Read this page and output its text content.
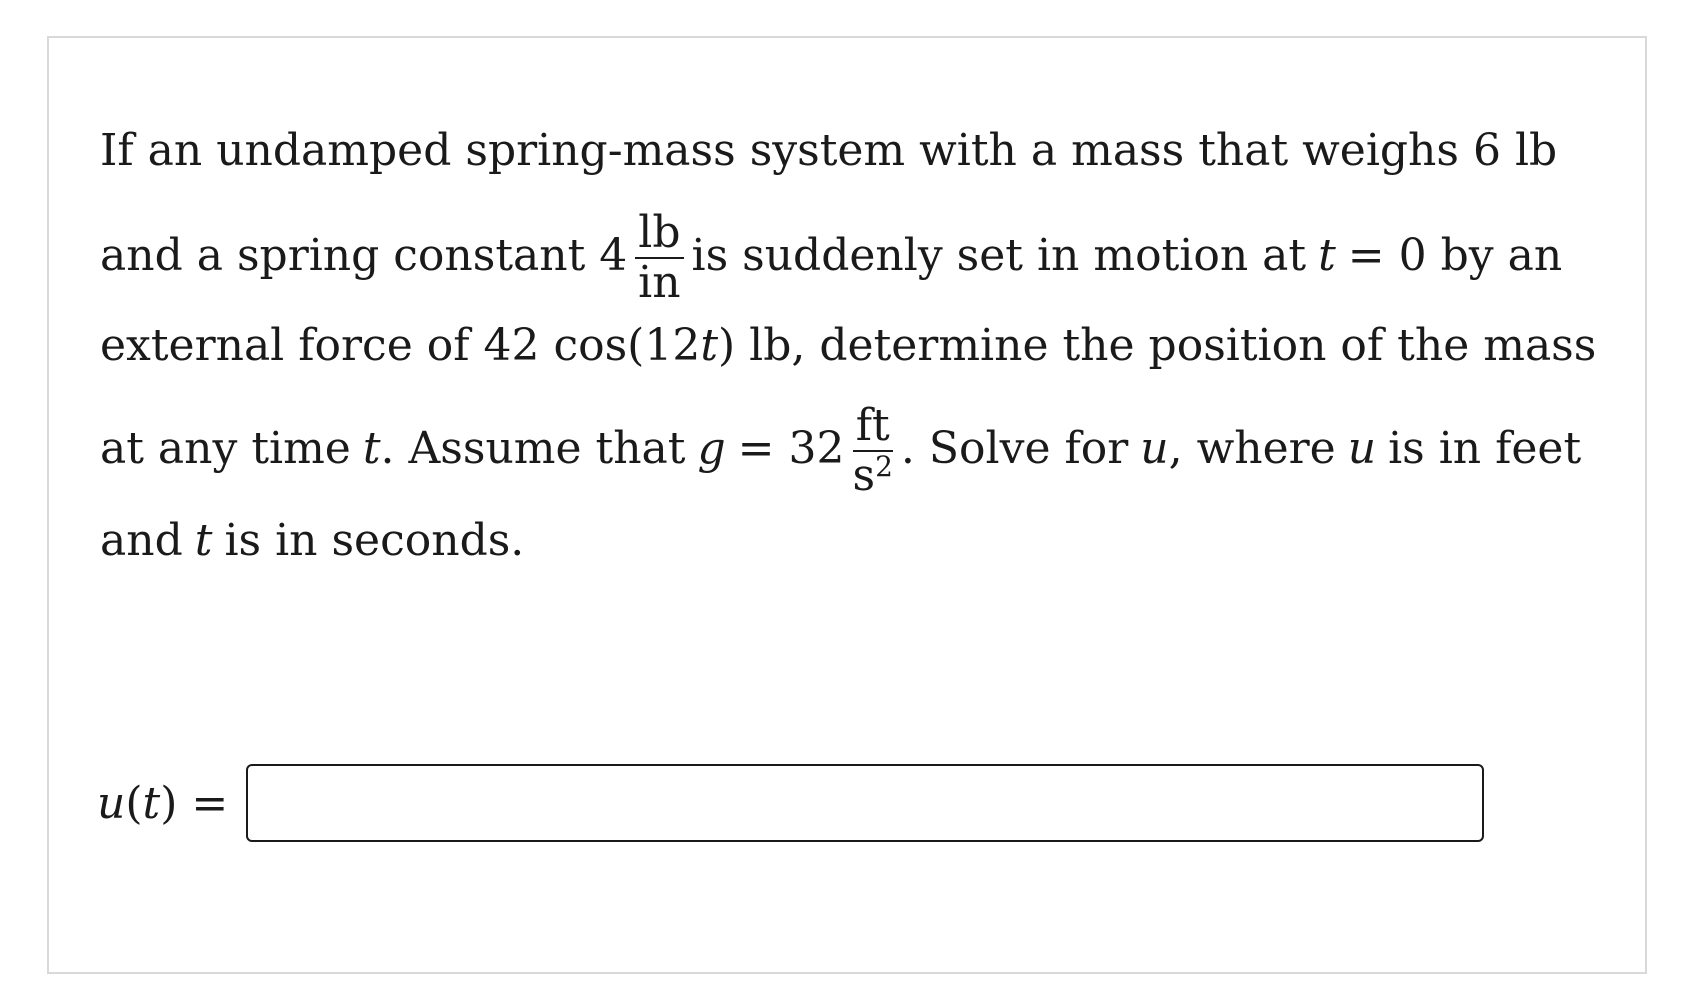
If an undamped spring-mass system with a mass that weighs 6 lb
and a spring constant $4 \frac{lb}{in}$ is suddenly set in motion at t = 0 by an
external force of 42 cos(12 t ) lb, determine the position of the mass
at any time t . Assume that $g = 32 \frac{ft}{s^2}$ . Solve for u , where u is in feet
and t is in seconds.
u(t) =
